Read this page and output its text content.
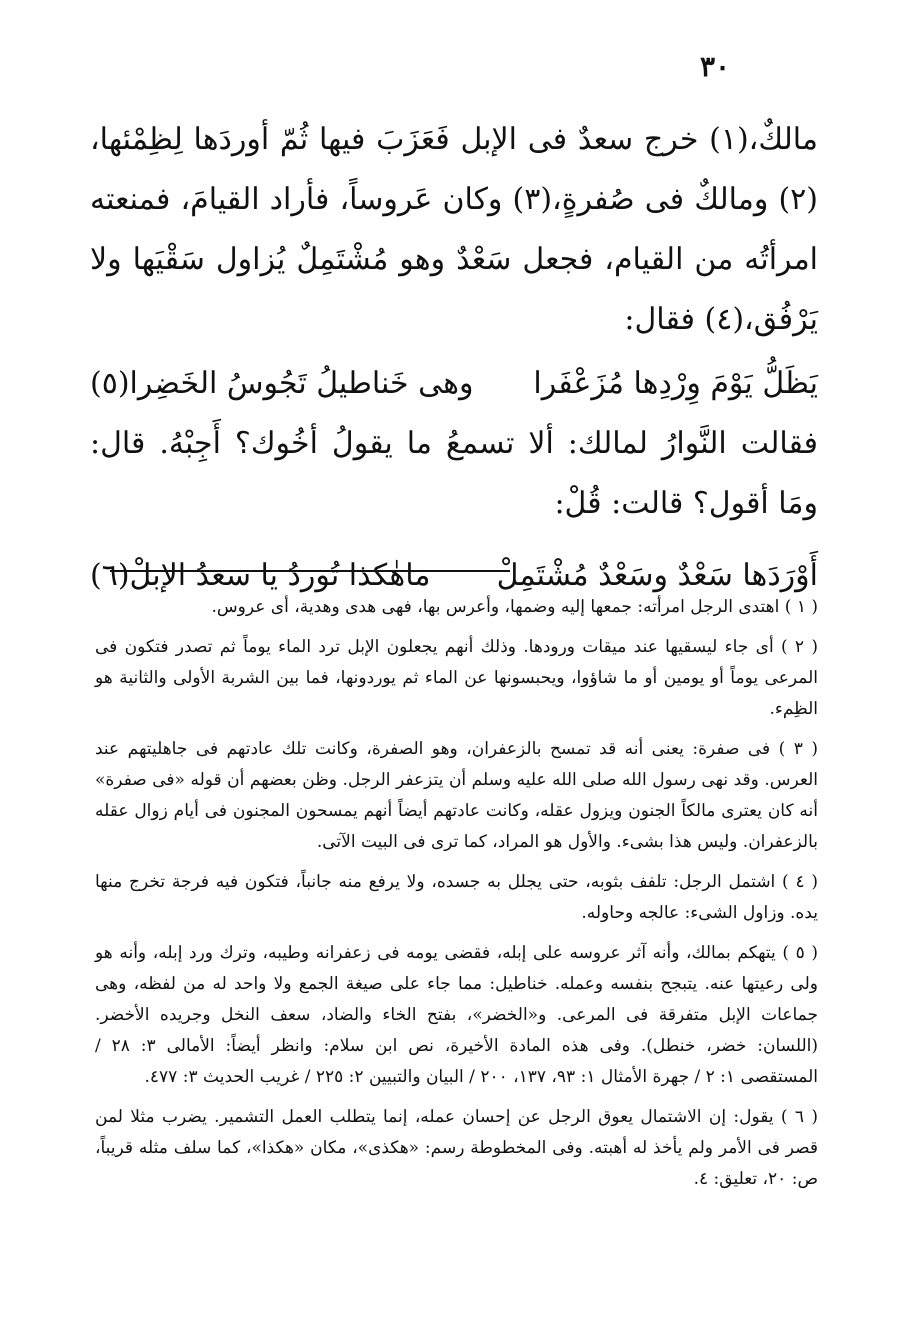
٣٠

مالكٌ،(١) خرج سعدٌ فى الإبل فَعَزَبَ فيها ثُمّ أوردَها لِظِمْئها،(٢) ومالكٌ فى صُفرةٍ،(٣) وكان عَروساً، فأراد القيامَ، فمنعته امرأتُه من القيام، فجعل سَعْدٌ وهو مُشْتَمِلٌ يُزاول سَقْيَها ولا يَرْفُق،(٤) فقال:

يَظَلُّ يَوْمَ وِرْدِها مُزَعْفَرا
وهى خَناطيلُ تَجُوسُ الخَضِرا(٥)

فقالت النَّوارُ لمالك: ألا تسمعُ ما يقولُ أخُوك؟ أَجِبْهُ. قال: ومَا أقول؟ قالت: قُلْ:

أَوْرَدَها سَعْدٌ وسَعْدٌ مُشْتَمِلْ
ماهٰكذا تُوردُ يا سعدُ الإبلْ(٦)

( ١ ) اهتدى الرجل امرأته: جمعها إليه وضمها، وأعرس بها، فهى هدى وهدية، أى عروس.

( ٢ ) أى جاء ليسقيها عند ميقات ورودها. وذلك أنهم يجعلون الإبل ترد الماء يوماً ثم تصدر فتكون فى المرعى يوماً أو يومين أو ما شاؤوا، ويحبسونها عن الماء ثم يوردونها، فما بين الشربة الأولى والثانية هو الظِمء.

( ٣ ) فى صفرة: يعنى أنه قد تمسح بالزعفران، وهو الصفرة، وكانت تلك عادتهم فى جاهليتهم عند العرس. وقد نهى رسول الله صلى الله عليه وسلم أن يتزعفر الرجل. وظن بعضهم أن قوله «فى صفرة» أنه كان يعترى مالكاً الجنون ويزول عقله، وكانت عادتهم أيضاً أنهم يمسحون المجنون فى أيام زوال عقله بالزعفران. وليس هذا بشىء. والأول هو المراد، كما ترى فى البيت الآتى.

( ٤ ) اشتمل الرجل: تلفف بثوبه، حتى يجلل به جسده، ولا يرفع منه جانباً، فتكون فيه فرجة تخرج منها يده. وزاول الشىء: عالجه وحاوله.

( ٥ ) يتهكم بمالك، وأنه آثر عروسه على إبله، فقضى يومه فى زعفرانه وطيبه، وترك ورد إبله، وأنه هو ولى رعيتها عنه. يتبجح بنفسه وعمله. خناطيل: مما جاء على صيغة الجمع ولا واحد له من لفظه، وهى جماعات الإبل متفرقة فى المرعى. و«الخضر»، بفتح الخاء والضاد، سعف النخل وجريده الأخضر. (اللسان: خضر، خنطل). وفى هذه المادة الأخيرة، نص ابن سلام: وانظر أيضاً: الأمالى ٣: ٢٨ / المستقصى ١: ٢ / جهرة الأمثال ١: ٩٣، ١٣٧، ٢٠٠ / البيان والتبيين ٢: ٢٢٥ / غريب الحديث ٣: ٤٧٧.

( ٦ ) يقول: إن الاشتمال يعوق الرجل عن إحسان عمله، إنما يتطلب العمل التشمير. يضرب مثلا لمن قصر فى الأمر ولم يأخذ له أهبته. وفى المخطوطة رسم: «هكذى»، مكان «هكذا»، كما سلف مثله قريباً، ص: ٢٠، تعليق: ٤.
